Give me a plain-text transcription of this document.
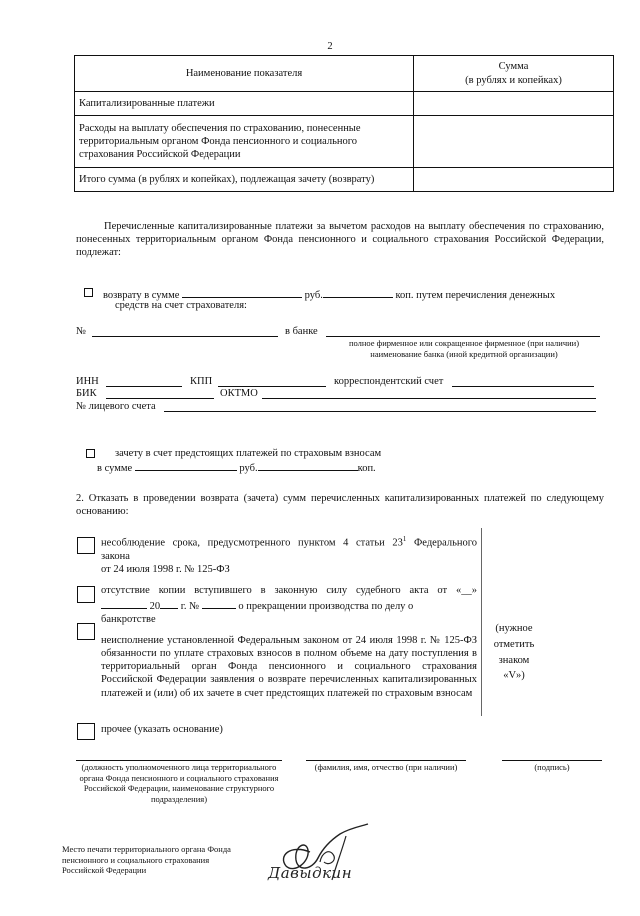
2
Наименование показателя	Сумма
(в рублях и копейках)

Капитализированные платежи	
Расходы на выплату обеспечения по страхованию, понесенные территориальным органом Фонда пенсионного и социального страхования Российской Федерации	
Итого сумма (в рублях и копейках), подлежащая зачету (возврату)	
Перечисленные капитализированные платежи за вычетом расходов на выплату обеспечения по страхованию, понесенных территориальным органом Фонда пенсионного и социального страхования Российской Федерации, подлежат:
возврату в сумме	руб.	коп. путем перечисления денежных
средств на счет страхователя:
№	в банке
полное фирменное или сокращенное фирменное (при наличии) наименование банка (иной кредитной организации)
ИНН	КПП	корреспондентский счет
БИК	ОКТМО
№ лицевого счета
зачету в счет предстоящих платежей по страховым взносам
в сумме	руб.	коп.
2. Отказать в проведении возврата (зачета) сумм перечисленных капитализированных платежей по следующему основанию:
(нужное
отметить
знаком
«V»)
несоблюдение срока, предусмотренного пунктом 4 статьи $23^1$ Федерального
закона
от 24 июля 1998 г. № 125-ФЗ
отсутствие копии вступившего в законную силу судебного акта от «__»
20 г. №	о прекращении производства по делу о
банкротстве
неисполнение установленной Федеральным законом от 24 июля 1998 г. № 125-ФЗ обязанности по уплате страховых взносов в полном объеме на дату поступления в территориальный орган Фонда пенсионного и социального страхования Российской Федерации заявления о возврате перечисленных капитализированных платежей и (или) об их зачете в счет предстоящих платежей по страховым взносам
прочее (указать основание)
(должность уполномоченного лица территориального органа Фонда пенсионного и социального страхования Российской Федерации, наименование структурного подразделения)
(фамилия, имя, отчество (при наличии)	(подпись)
Место печати территориального органа Фонда пенсионного и социального страхования Российской Федерации	Давыдкин
